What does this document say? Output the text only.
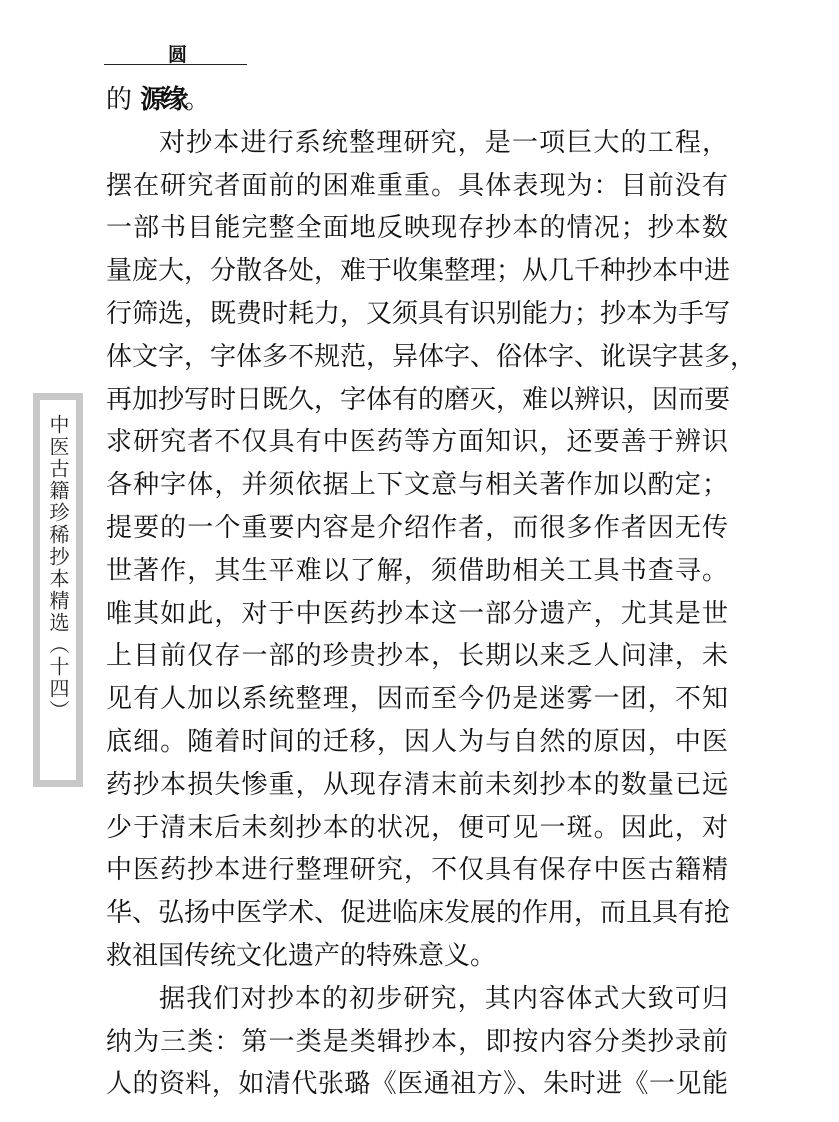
圆
中医古籍珍稀抄本精选（十四）
的 源缘。
对抄本进行系统整理研究，是一项巨大的工程，
摆在研究者面前的困难重重。具体表现为：目前没有
一部书目能完整全面地反映现存抄本的情况；抄本数
量庞大，分散各处，难于收集整理；从几千种抄本中进
行筛选，既费时耗力，又须具有识别能力；抄本为手写
体文字，字体多不规范，异体字、俗体字、讹误字甚多，
再加抄写时日既久，字体有的磨灭，难以辨识，因而要
求研究者不仅具有中医药等方面知识，还要善于辨识
各种字体，并须依据上下文意与相关著作加以酌定；
提要的一个重要内容是介绍作者，而很多作者因无传
世著作，其生平难以了解，须借助相关工具书查寻。
唯其如此，对于中医药抄本这一部分遗产，尤其是世
上目前仅存一部的珍贵抄本，长期以来乏人问津，未
见有人加以系统整理，因而至今仍是迷雾一团，不知
底细。随着时间的迁移，因人为与自然的原因，中医
药抄本损失惨重，从现存清末前未刻抄本的数量已远
少于清末后未刻抄本的状况，便可见一斑。因此，对
中医药抄本进行整理研究，不仅具有保存中医古籍精
华、弘扬中医学术、促进临床发展的作用，而且具有抢
救祖国传统文化遗产的特殊意义。
据我们对抄本的初步研究，其内容体式大致可归
纳为三类：第一类是类辑抄本，即按内容分类抄录前
人的资料，如清代张璐《医通祖方》、朱时进《一见能
